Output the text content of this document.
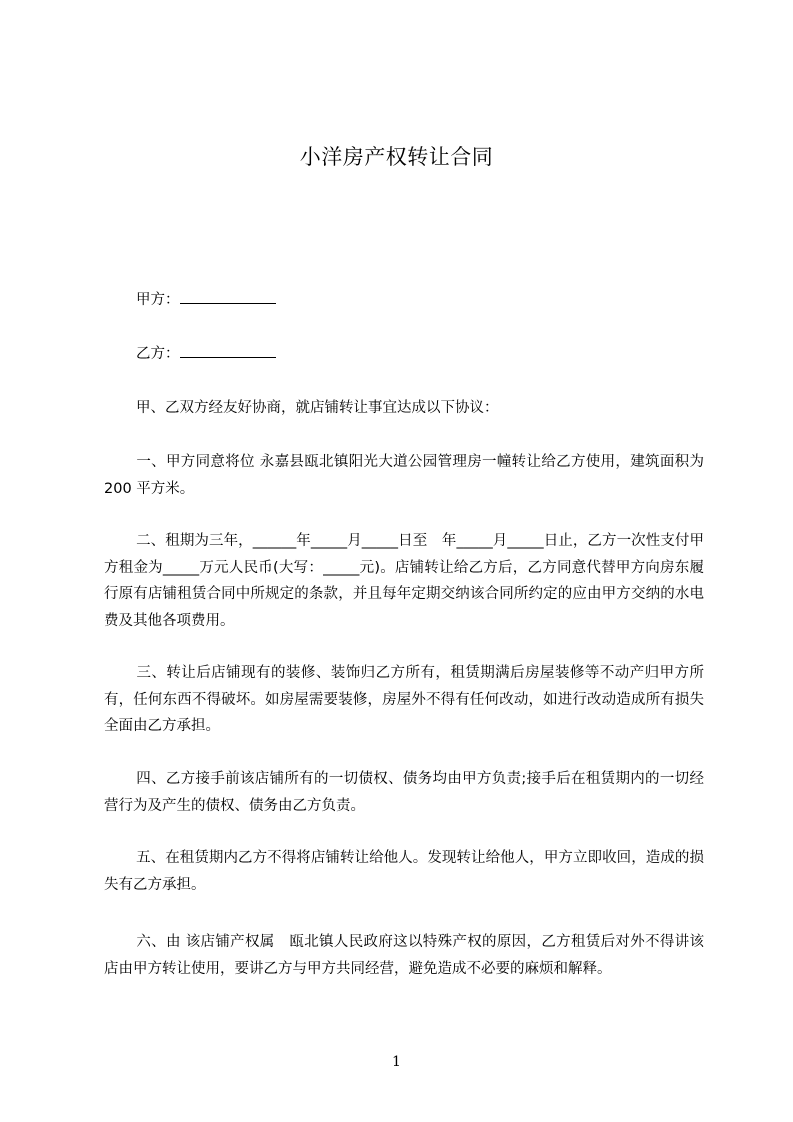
小洋房产权转让合同
甲方：
乙方：
甲、乙双方经友好协商，就店铺转让事宜达成以下协议：
一、甲方同意将位 永嘉县瓯北镇阳光大道公园管理房一幢转让给乙方使用，建筑面积为 200 平方米。
二、租期为三年，______年_____月_____日至　年_____月_____日止，乙方一次性支付甲方租金为_____万元人民币(大写：_____元)。店铺转让给乙方后，乙方同意代替甲方向房东履行原有店铺租赁合同中所规定的条款，并且每年定期交纳该合同所约定的应由甲方交纳的水电费及其他各项费用。
三、转让后店铺现有的装修、装饰归乙方所有，租赁期满后房屋装修等不动产归甲方所有，任何东西不得破坏。如房屋需要装修，房屋外不得有任何改动，如进行改动造成所有损失全面由乙方承担。
四、乙方接手前该店铺所有的一切债权、债务均由甲方负责;接手后在租赁期内的一切经营行为及产生的债权、债务由乙方负责。
五、在租赁期内乙方不得将店铺转让给他人。发现转让给他人，甲方立即收回，造成的损失有乙方承担。
六、由 该店铺产权属　瓯北镇人民政府这以特殊产权的原因，乙方租赁后对外不得讲该店由甲方转让使用，要讲乙方与甲方共同经营，避免造成不必要的麻烦和解释。
1
